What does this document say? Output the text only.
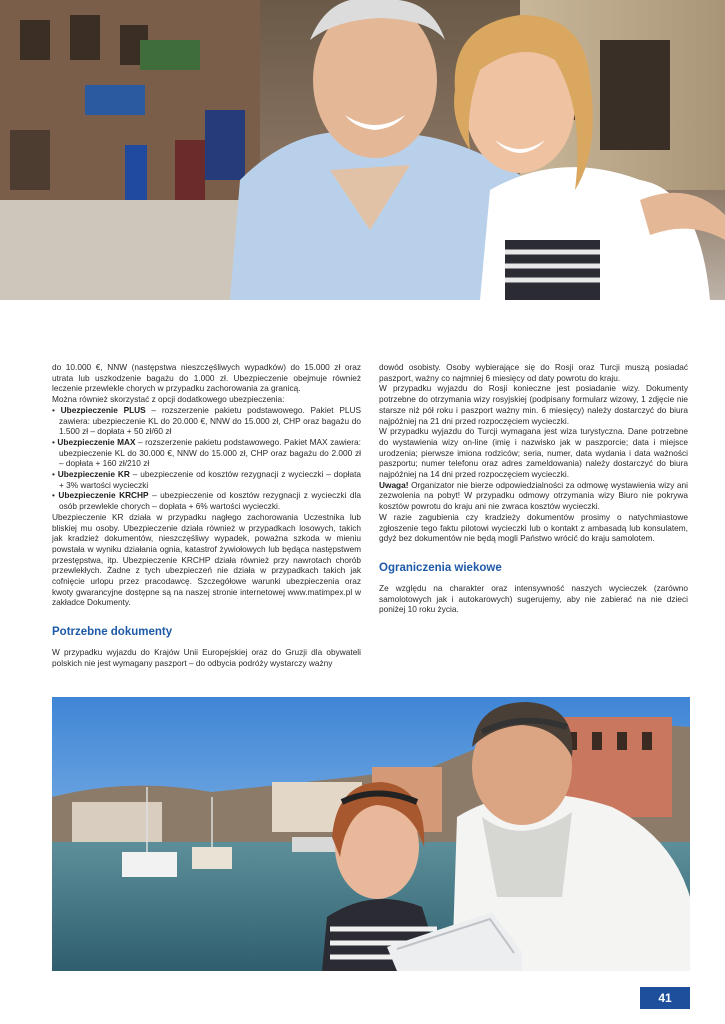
do 10.000 €, NNW (następstwa nieszczęśliwych wypadków) do 15.000 zł oraz utrata lub uszkodzenie bagażu do 1.000 zł. Ubezpieczenie obejmuje również leczenie przewlekle chorych w przypadku zachorowania za granicą.

Można również skorzystać z opcji dodatkowego ubezpieczenia:

• Ubezpieczenie PLUS – rozszerzenie pakietu podstawowego. Pakiet PLUS zawiera: ubezpieczenie KL do 20.000 €, NNW do 15.000 zł, CHP oraz bagażu do 1.500 zł – dopłata + 50 zł/60 zł
• Ubezpieczenie MAX – rozszerzenie pakietu podstawowego. Pakiet MAX zawiera: ubezpieczenie KL do 30.000 €, NNW do 15.000 zł, CHP oraz bagażu do 2.000 zł – dopłata + 160 zł/210 zł
• Ubezpieczenie KR – ubezpieczenie od kosztów rezygnacji z wycieczki – dopłata + 3% wartości wycieczki
• Ubezpieczenie KRCHP – ubezpieczenie od kosztów rezygnacji z wycieczki dla osób przewlekle chorych – dopłata + 6% wartości wycieczki.

Ubezpieczenie KR działa w przypadku nagłego zachorowania Uczestnika lub bliskiej mu osoby. Ubezpieczenie działa również w przypadkach losowych, takich jak kradzież dokumentów, nieszczęśliwy wypadek, poważna szkoda w mieniu powstała w wyniku działania ognia, katastrof żywiołowych lub będąca następstwem przestępstwa, itp. Ubezpieczenie KRCHP działa również przy nawrotach chorób przewlekłych. Żadne z tych ubezpieczeń nie działa w przypadkach takich jak cofnięcie urlopu przez pracodawcę. Szczegółowe warunki ubezpieczenia oraz kwoty gwarancyjne dostępne są na naszej stronie internetowej www.matimpex.pl w zakładce Dokumenty.

Potrzebne dokumenty

W przypadku wyjazdu do Krajów Unii Europejskiej oraz do Gruzji dla obywateli polskich nie jest wymagany paszport – do odbycia podróży wystarczy ważny

dowód osobisty. Osoby wybierające się do Rosji oraz Turcji muszą posiadać paszport, ważny co najmniej 6 miesięcy od daty powrotu do kraju.

W przypadku wyjazdu do Rosji konieczne jest posiadanie wizy. Dokumenty potrzebne do otrzymania wizy rosyjskiej (podpisany formularz wizowy, 1 zdjęcie nie starsze niż pół roku i paszport ważny min. 6 miesięcy) należy dostarczyć do biura najpóźniej na 21 dni przed rozpoczęciem wycieczki.

W przypadku wyjazdu do Turcji wymagana jest wiza turystyczna. Dane potrzebne do wystawienia wizy on-line (imię i nazwisko jak w paszporcie; data i miejsce urodzenia; pierwsze imiona rodziców; seria, numer, data wydania i data ważności paszportu; numer telefonu oraz adres zameldowania) należy dostarczyć do biura najpóźniej na 14 dni przed rozpoczęciem wycieczki.

Uwaga! Organizator nie bierze odpowiedzialności za odmowę wystawienia wizy ani zezwolenia na pobyt! W przypadku odmowy otrzymania wizy Biuro nie pokrywa kosztów powrotu do kraju ani nie zwraca kosztów wycieczki.

W razie zagubienia czy kradzieży dokumentów prosimy o natychmiastowe zgłoszenie tego faktu pilotowi wycieczki lub o kontakt z ambasadą lub konsulatem, gdyż bez dokumentów nie będą mogli Państwo wrócić do kraju samolotem.

Ograniczenia wiekowe

Ze względu na charakter oraz intensywność naszych wycieczek (zarówno samolotowych jak i autokarowych) sugerujemy, aby nie zabierać na nie dzieci poniżej 10 roku życia.

41
